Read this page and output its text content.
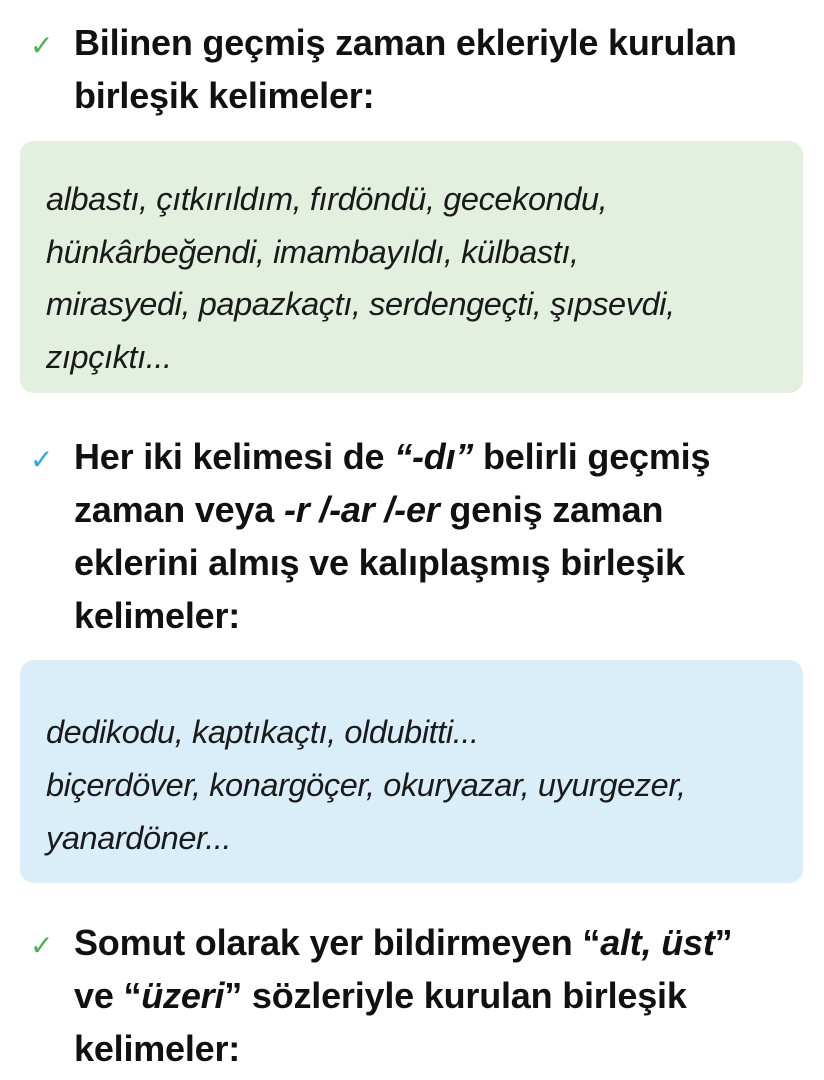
✓ Bilinen geçmiş zaman ekleriyle kurulan
birleşik kelimeler:

albastı, çıtkırıldım, fırdöndü, gecekondu,

hünkârbeğendi, imambayıldı, külbastı,

mirasyedi, papazkaçtı, serdengeçti, şıpsevdi,

zıpçıktı...

✓ Her iki kelimesi de “-dı” belirli geçmiş
zaman veya -r /-ar /-er geniş zaman
eklerini almış ve kalıplaşmış birleşik
kelimeler:

dedikodu, kaptıkaçtı, oldubitti...

biçerdöver, konargöçer, okuryazar, uyurgezer,

yanardöner...

✓ Somut olarak yer bildirmeyen “alt, üst”
ve “üzeri” sözleriyle kurulan birleşik
kelimeler:
